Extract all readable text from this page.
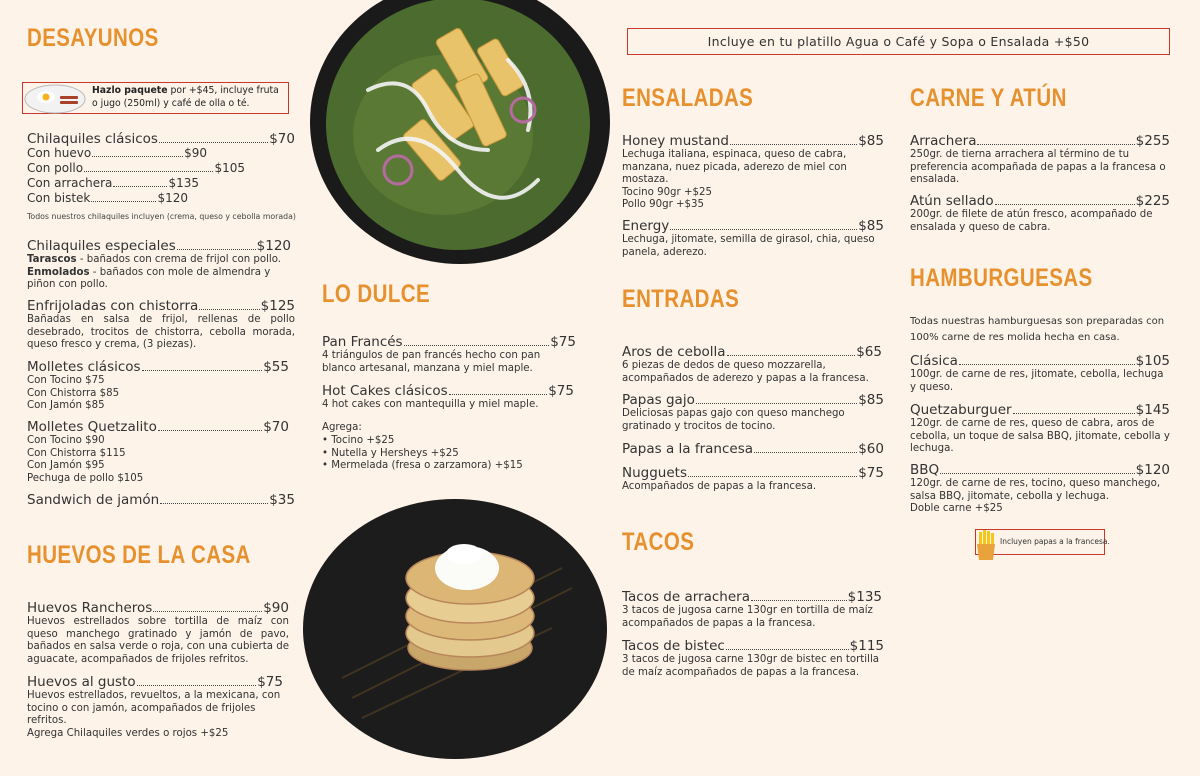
Incluye en tu platillo Agua o Café y Sopa o Ensalada +$50
DESAYUNOS
Hazlo paquete por +$45, incluye fruta o jugo (250ml) y café de olla o té.
Chilaquiles clásicos	$70
Con huevo	$90
Con pollo	$105
Con arrachera	$135
Con bistek	$120
Todos nuestros chilaquiles incluyen (crema, queso y cebolla morada)
Chilaquiles especiales	$120
Tarascos - bañados con crema de frijol con pollo.
Enmolados - bañados con mole de almendra y piñon con pollo.
Enfrijoladas con chistorra	$125
Bañadas en salsa de frijol, rellenas de pollo desebrado, trocitos de chistorra, cebolla morada, queso fresco y crema, (3 piezas).
Molletes clásicos	$55
Con Tocino $75
Con Chistorra $85
Con Jamón $85
Molletes Quetzalito	$70
Con Tocino $90
Con Chistorra $115
Con Jamón $95
Pechuga de pollo $105
Sandwich de jamón	$35
HUEVOS DE LA CASA
Huevos Rancheros	$90
Huevos estrellados sobre tortilla de maíz con queso manchego gratinado y jamón de pavo, bañados en salsa verde o roja, con una cubierta de aguacate, acompañados de frijoles refritos.
Huevos al gusto	$75
Huevos estrellados, revueltos, a la mexicana, con tocino o con jamón, acompañados de frijoles refritos.
Agrega Chilaquiles verdes o rojos +$25
LO DULCE
Pan Francés	$75
4 triángulos de pan francés hecho con pan blanco artesanal, manzana y miel maple.
Hot Cakes clásicos	$75
4 hot cakes con mantequilla y miel maple.
Agrega:
• Tocino +$25
• Nutella y Hersheys +$25
• Mermelada (fresa o zarzamora) +$15
ENSALADAS
Honey mustand	$85
Lechuga italiana, espinaca, queso de cabra, manzana, nuez picada, aderezo de miel con mostaza.
Tocino 90gr +$25
Pollo 90gr +$35
Energy	$85
Lechuga, jitomate, semilla de girasol, chia, queso panela, aderezo.
ENTRADAS
Aros de cebolla	$65
6 piezas de dedos de queso mozzarella, acompañados de aderezo y papas a la francesa.
Papas gajo	$85
Deliciosas papas gajo con queso manchego gratinado y trocitos de tocino.
Papas a la francesa	$60
Nugguets	$75
Acompañados de papas a la francesa.
TACOS
Tacos de arrachera	$135
3 tacos de jugosa carne 130gr en tortilla de maíz acompañados de papas a la francesa.
Tacos de bistec	$115
3 tacos de jugosa carne 130gr de bistec en tortilla de maíz acompañados de papas a la francesa.
CARNE Y ATÚN
Arrachera	$255
250gr. de tierna arrachera al término de tu preferencia acompañada de papas a la francesa o ensalada.
Atún sellado	$225
200gr. de filete de atún fresco, acompañado de ensalada y queso de cabra.
HAMBURGUESAS
Todas nuestras hamburguesas son preparadas con 100% carne de res molida hecha en casa.
Clásica	$105
100gr. de carne de res, jitomate, cebolla, lechuga y queso.
Quetzaburguer	$145
120gr. de carne de res, queso de cabra, aros de cebolla, un toque de salsa BBQ, jitomate, cebolla y lechuga.
BBQ	$120
120gr. de carne de res, tocino, queso manchego, salsa BBQ, jitomate, cebolla y lechuga.
Doble carne +$25
Incluyen papas a la francesa.
